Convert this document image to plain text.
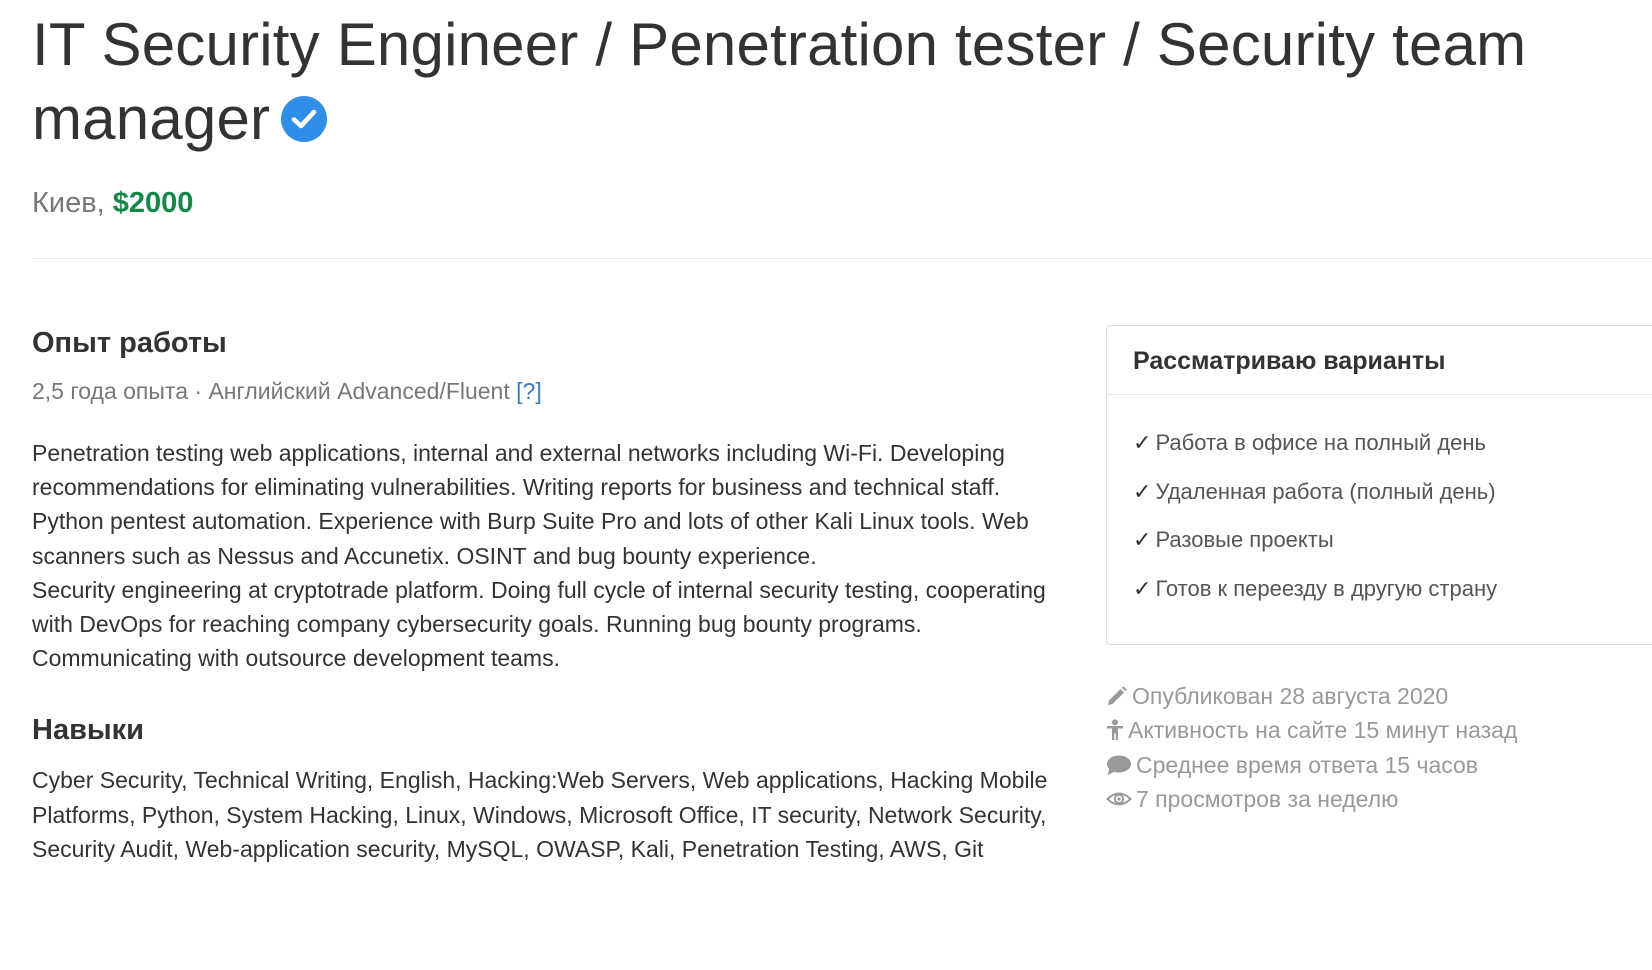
IT Security Engineer / Penetration tester / Security team manager
Киев, $2000
Опыт работы
2,5 года опыта · Английский Advanced/Fluent [?]

Penetration testing web applications, internal and external networks including Wi-Fi. Developing recommendations for eliminating vulnerabilities. Writing reports for business and technical staff. Python pentest automation. Experience with Burp Suite Pro and lots of other Kali Linux tools. Web scanners such as Nessus and Accunetix. OSINT and bug bounty experience.

Security engineering at cryptotrade platform. Doing full cycle of internal security testing, cooperating with DevOps for reaching company cybersecurity goals. Running bug bounty programs. Communicating with outsource development teams.

Навыки
Cyber Security, Technical Writing, English, Hacking:Web Servers, Web applications, Hacking Mobile Platforms, Python, System Hacking, Linux, Windows, Microsoft Office, IT security, Network Security, Security Audit, Web-application security, MySQL, OWASP, Kali, Penetration Testing, AWS, Git
Рассматриваю варианты
✓ Работа в офисе на полный день
✓ Удаленная работа (полный день)
✓ Разовые проекты
✓ Готов к переезду в другую страну
Опубликован 28 августа 2020
Активность на сайте 15 минут назад
Среднее время ответа 15 часов
7 просмотров за неделю
